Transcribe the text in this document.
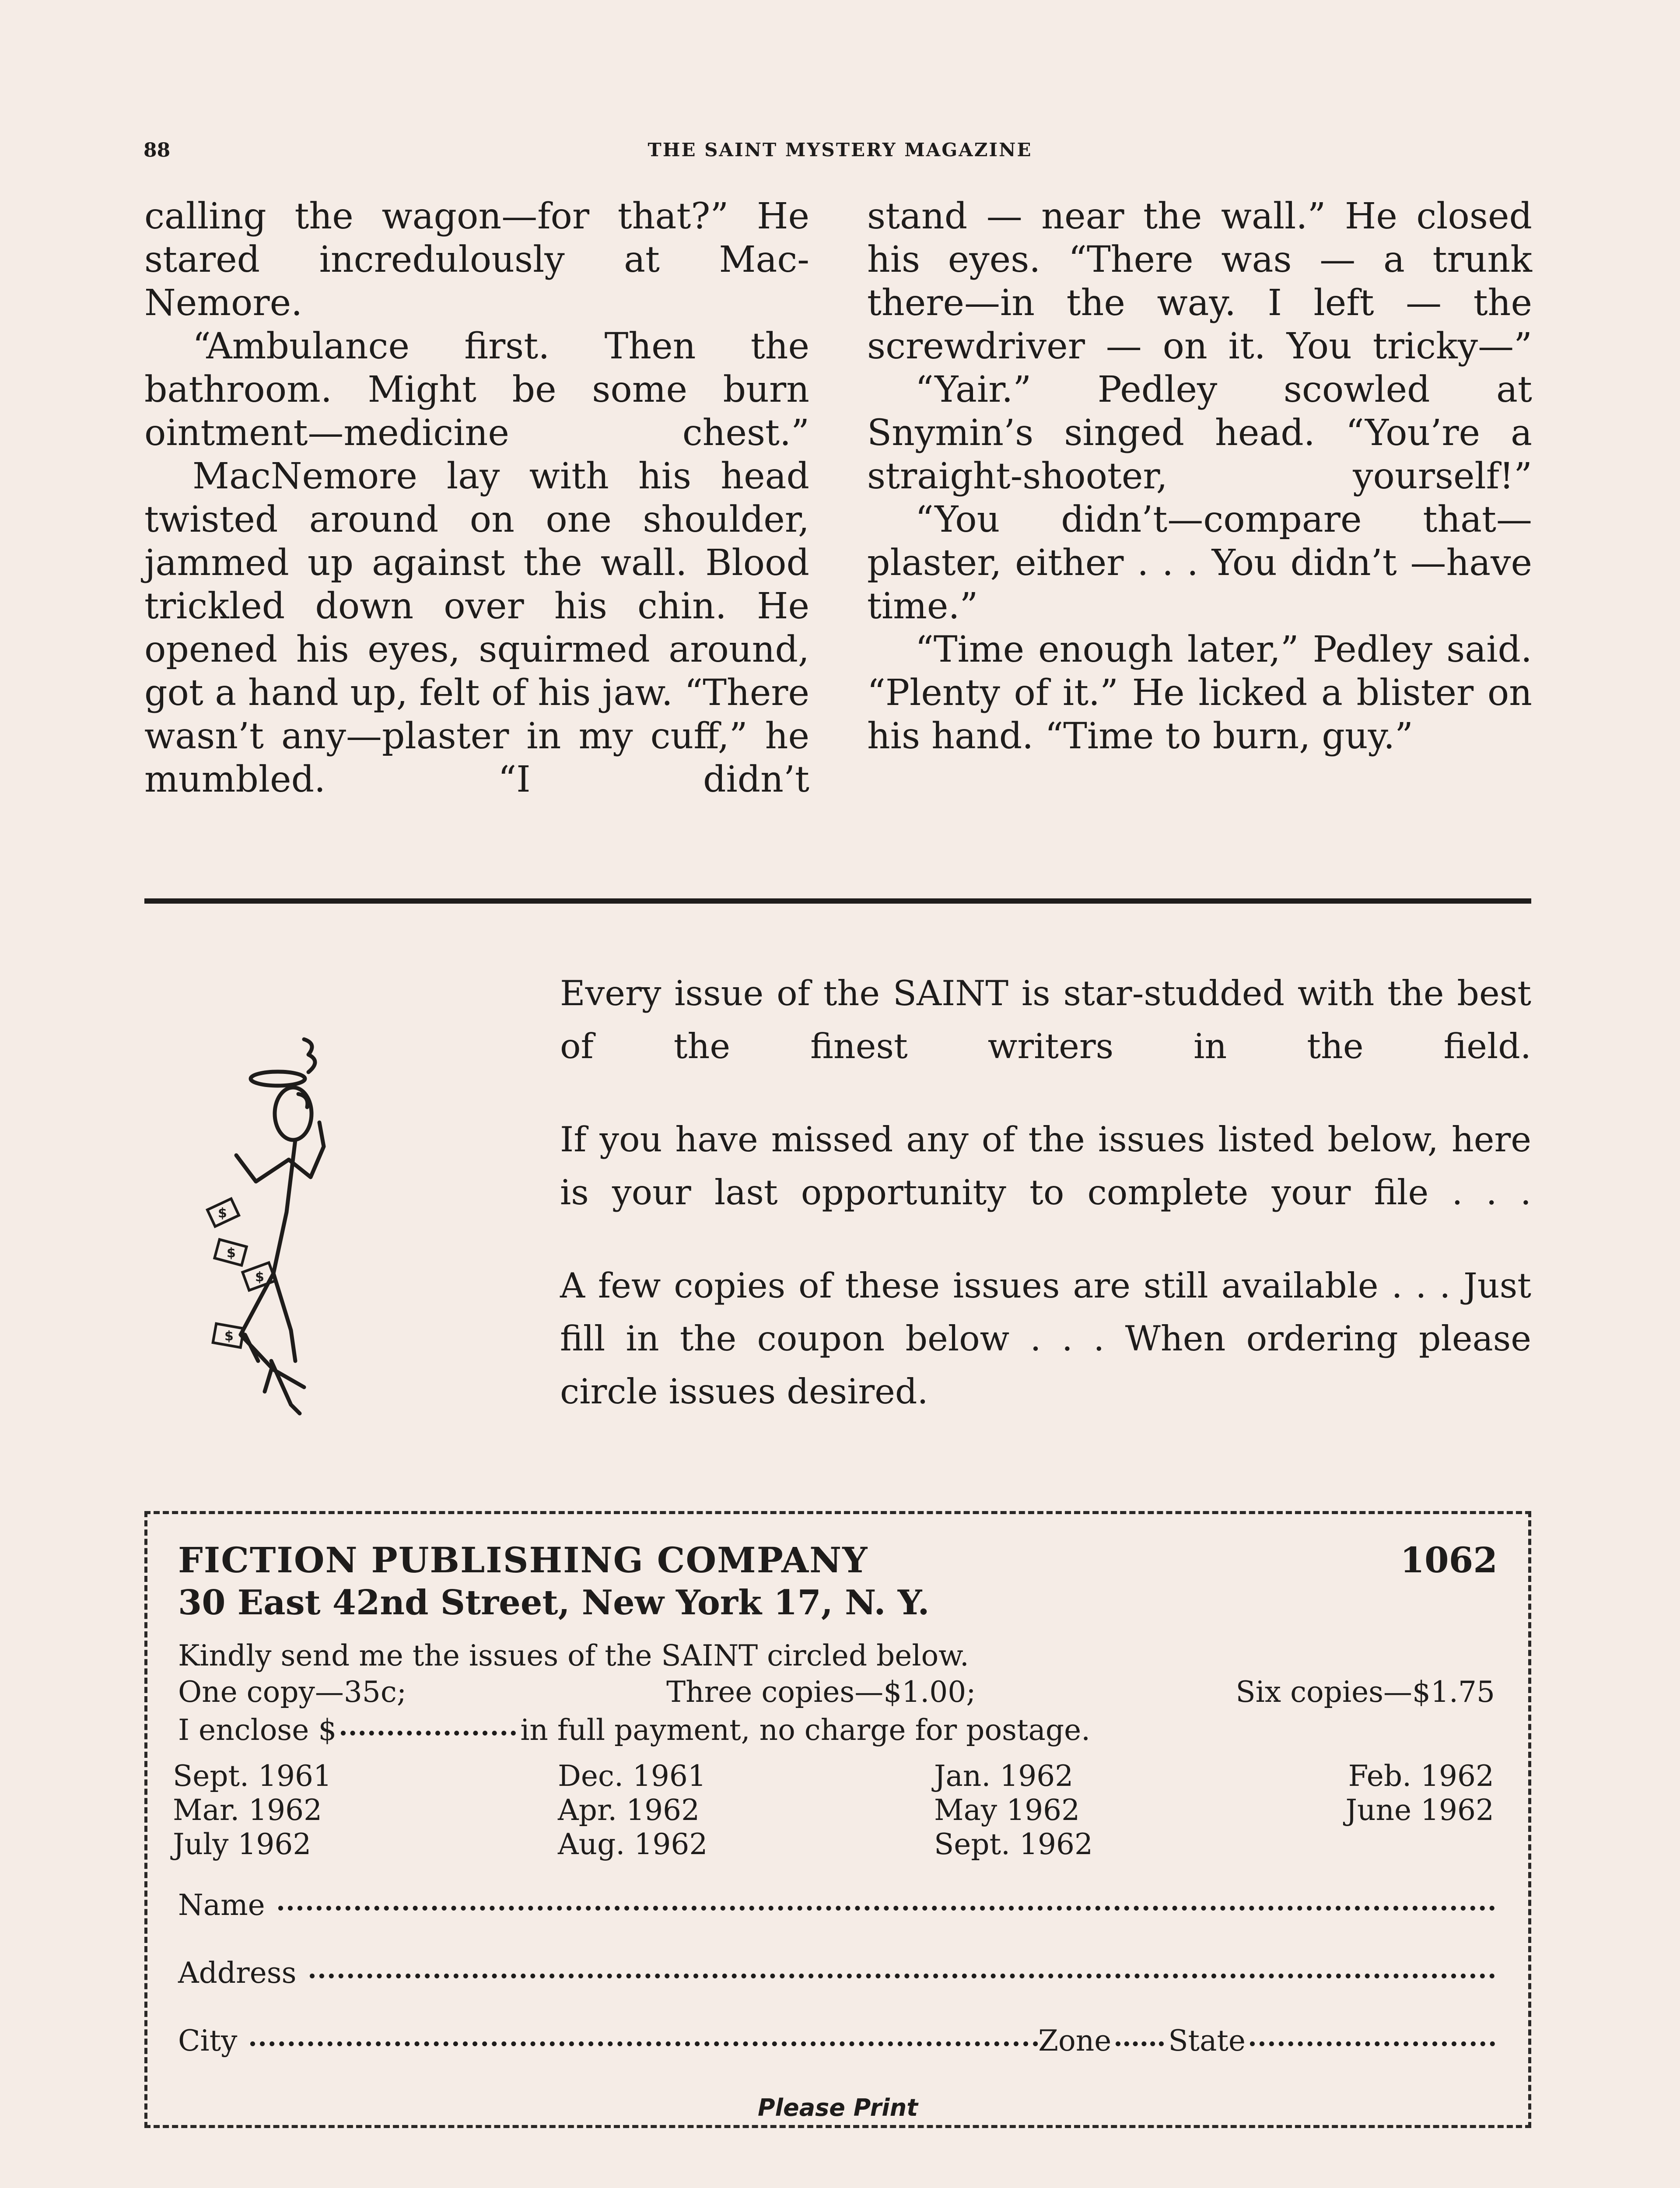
88	THE SAINT MYSTERY MAGAZINE

calling the wagon—for that?” He stared incredulously at Mac-Nemore.

“Ambulance first. Then the bathroom. Might be some burn ointment—medicine chest.”

MacNemore lay with his head twisted around on one shoulder, jammed up against the wall. Blood trickled down over his chin. He opened his eyes, squirmed around, got a hand up, felt of his jaw. “There wasn’t any—plaster in my cuff,” he mumbled. “I didn’t

stand — near the wall.” He closed his eyes. “There was — a trunk there—in the way. I left — the screwdriver — on it. You tricky—”

“Yair.” Pedley scowled at Snymin’s singed head. “You’re a straight-shooter, yourself!”

“You didn’t—compare that—plaster, either . . . You didn’t —have time.”

“Time enough later,” Pedley said. “Plenty of it.” He licked a blister on his hand. “Time to burn, guy.”

$
$
$
$

Every issue of the SAINT is star-studded with the best of the finest writers in the field.

If you have missed any of the issues listed below, here is your last opportunity to complete your file . . .

A few copies of these issues are still available . . . Just fill in the coupon below . . . When ordering please circle issues desired.

FICTION PUBLISHING COMPANY	1062
30 East 42nd Street, New York 17, N. Y.
Kindly send me the issues of the SAINT circled below.
One copy—35c;	Three copies—$1.00;	Six copies—$1.75
I enclose $	in full payment, no charge for postage.
Sept. 1961	Dec. 1961	Jan. 1962	Feb. 1962
Mar. 1962	Apr. 1962	May 1962	June 1962
July 1962	Aug. 1962	Sept. 1962
Name
Address
City	Zone State
Please Print
